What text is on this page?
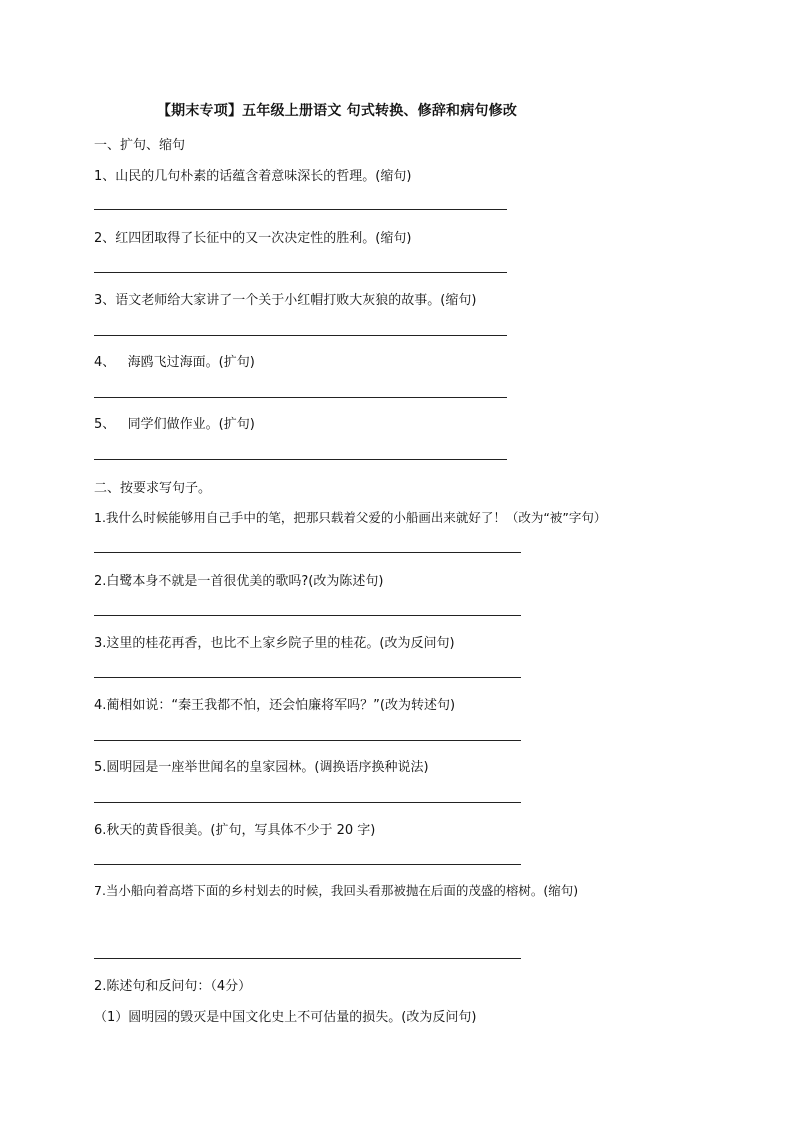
【期末专项】五年级上册语文 句式转换、修辞和病句修改
一、扩句、缩句
1、山民的几句朴素的话蕴含着意味深长的哲理。(缩句)
2、红四团取得了长征中的又一次决定性的胜利。(缩句)
3、语文老师给大家讲了一个关于小红帽打败大灰狼的故事。(缩句)
4、   海鸥飞过海面。(扩句)
5、   同学们做作业。(扩句)
二、按要求写句子。
1.我什么时候能够用自己手中的笔，把那只载着父爱的小船画出来就好了！（改为“被”字句）
2.白鹭本身不就是一首很优美的歌吗?(改为陈述句)
3.这里的桂花再香，也比不上家乡院子里的桂花。(改为反问句)
4.蔺相如说：“秦王我都不怕，还会怕廉将军吗？”(改为转述句)
5.圆明园是一座举世闻名的皇家园林。(调换语序换种说法)
6.秋天的黄昏很美。(扩句，写具体不少于 20 字)
7.当小船向着高塔下面的乡村划去的时候，我回头看那被抛在后面的茂盛的榕树。(缩句)
2.陈述句和反问句：（4分）
（1）圆明园的毁灭是中国文化史上不可估量的损失。(改为反问句)
